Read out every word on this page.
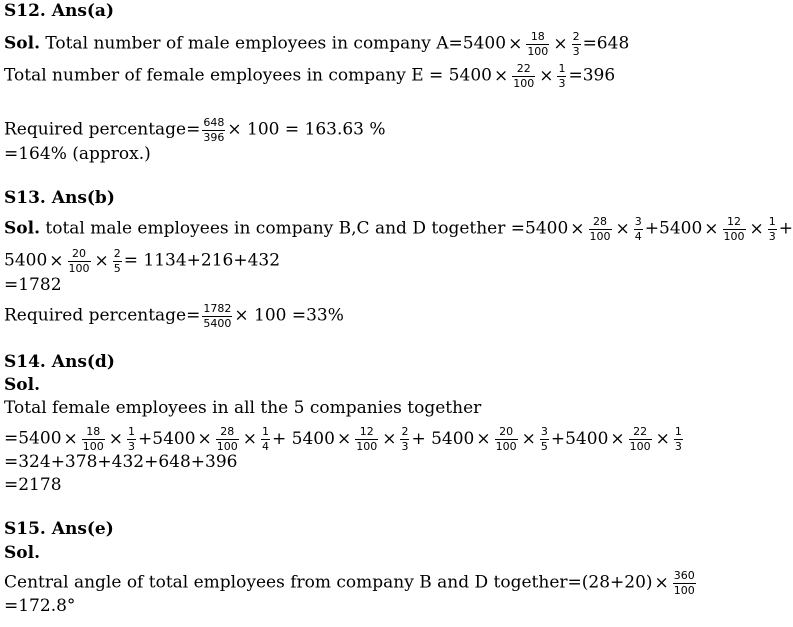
S12. Ans(a)
Sol. Total number of male employees in company $A=5400 \times \frac{18}{100} \times \frac{2}{3} =648$
Total number of female employees in company $E = 5400 \times \frac{22}{100} \times \frac{1}{3} =396$
Required percentage= $\frac{648}{396} \times 100 = 163.63$ %
=164% (approx.)
S13. Ans(b)
Sol. total male employees in company B,C and D together $=5400 \times \frac{28}{100} \times \frac{3}{4} +5400 \times \frac{12}{100} \times \frac{1}{3}$ +
$5400 \times \frac{20}{100} \times \frac{2}{5} = 1134+216+432$
=1782
Required percentage= $\frac{1782}{5400} \times 100 =33\%$
S14. Ans(d)
Sol.
Total female employees in all the 5 companies together
$=5400 \times \frac{18}{100} \times \frac{1}{3} +5400 \times \frac{28}{100} \times \frac{1}{4} + 5400 \times \frac{12}{100} \times \frac{2}{3} + 5400 \times \frac{20}{100} \times \frac{3}{5} +5400 \times \frac{22}{100} \times \frac{1}{3}$
=324+378+432+648+396
=2178
S15. Ans(e)
Sol.
Central angle of total employees from company B and D together=(28+20) × $\frac{360}{100}$
=172.8°
